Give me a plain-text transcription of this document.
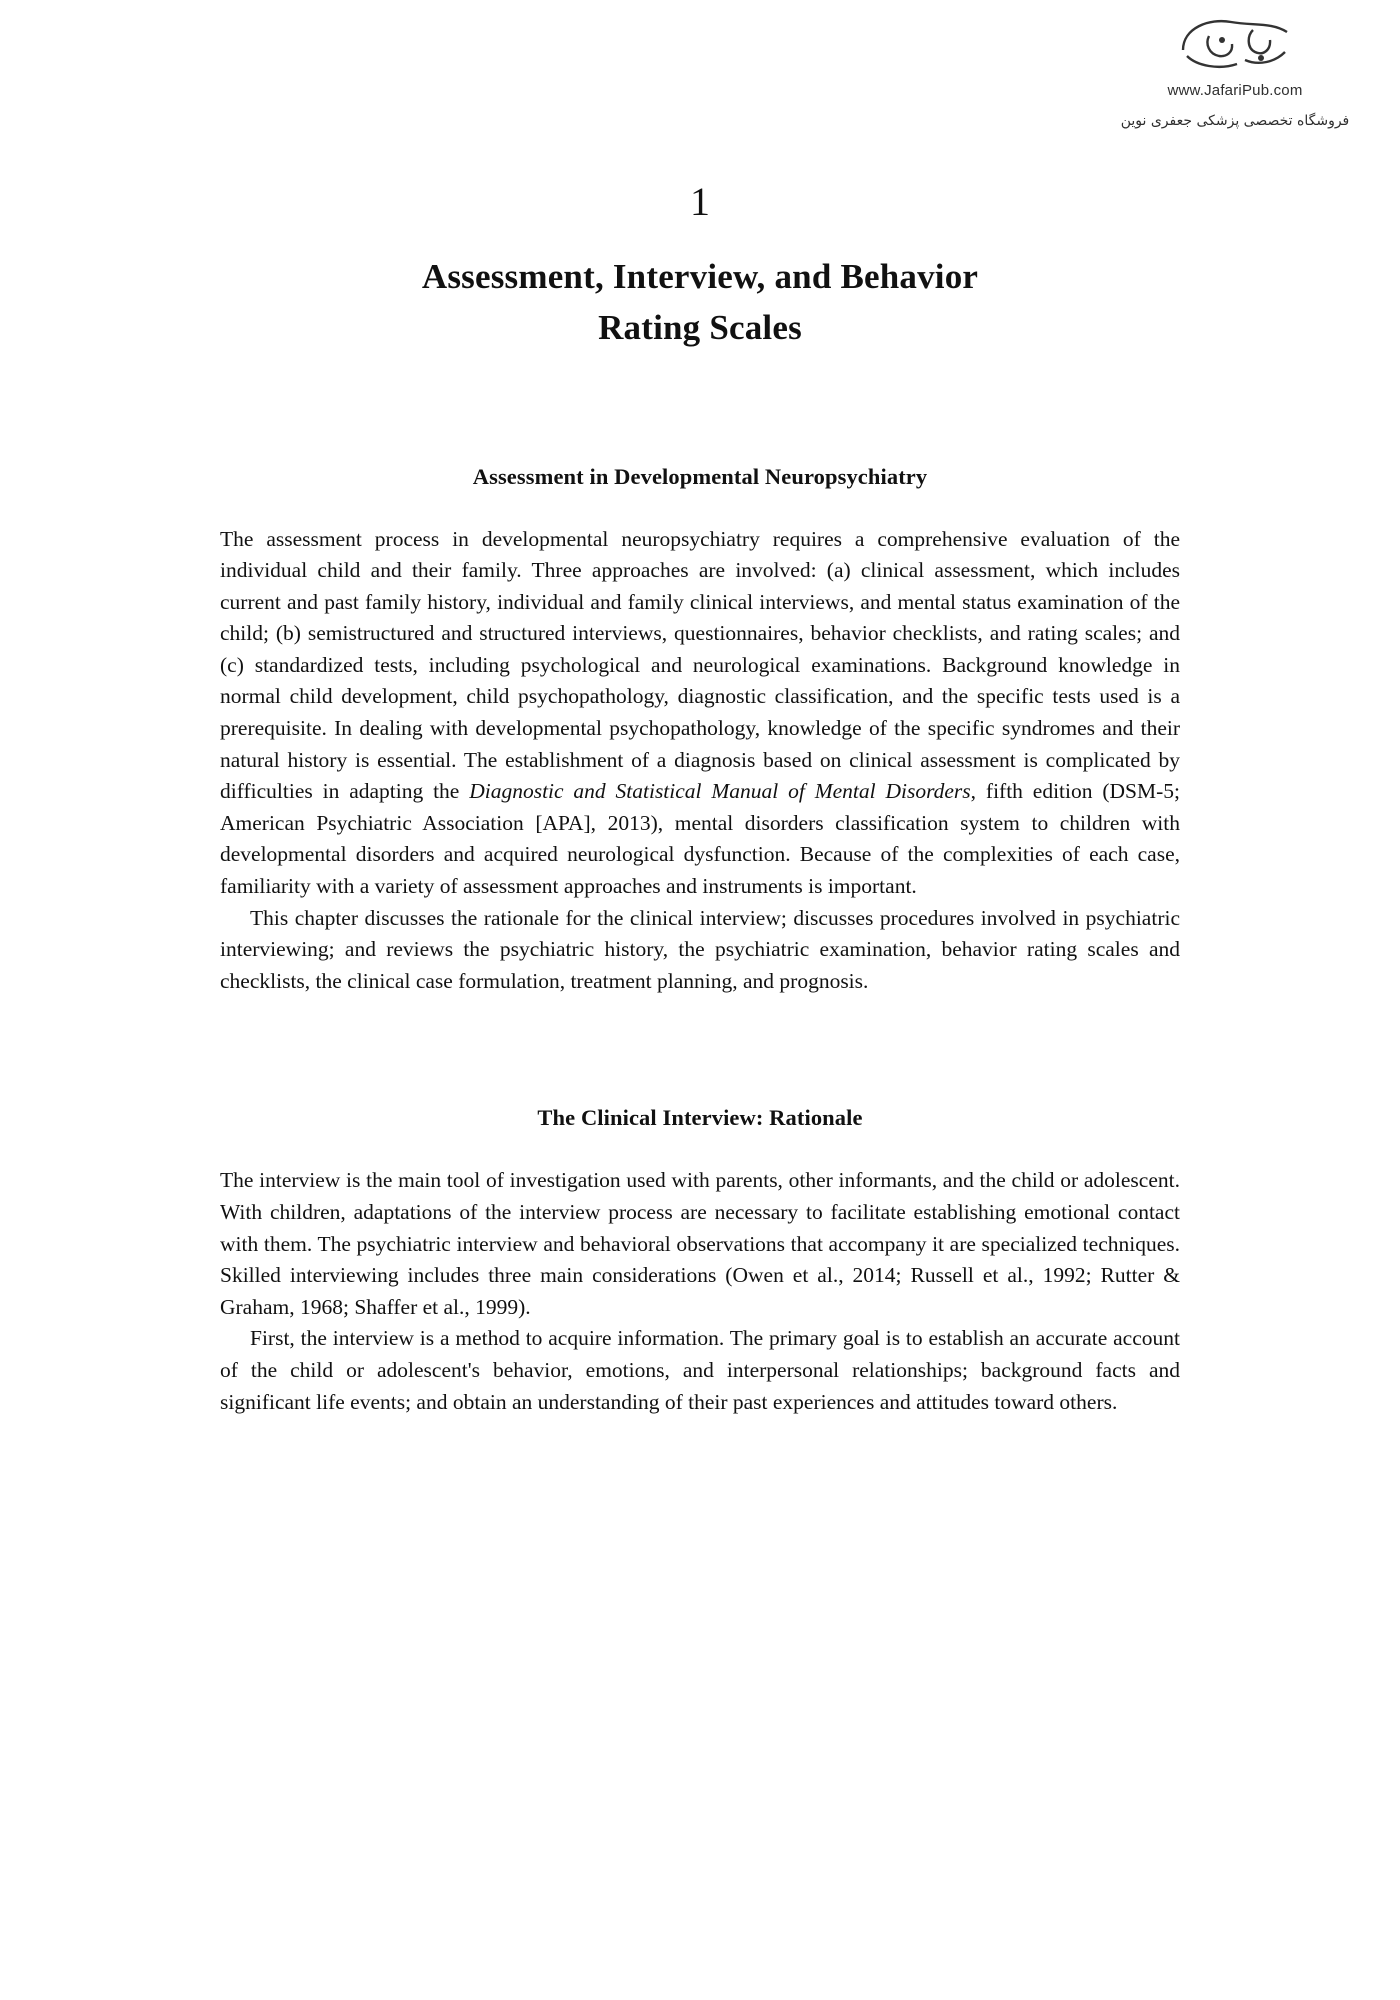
www.JafariPub.com
فروشگاه تخصصی پزشکی جعفری نوین
1
Assessment, Interview, and Behavior
Rating Scales
Assessment in Developmental Neuropsychiatry

The assessment process in developmental neuropsychiatry requires a comprehensive evaluation of the individual child and their family. Three approaches are involved: (a) clinical assessment, which includes current and past family history, individual and family clinical interviews, and mental status examination of the child; (b) semistructured and structured interviews, questionnaires, behavior checklists, and rating scales; and (c) standardized tests, including psychological and neurological examinations. Background knowledge in normal child development, child psychopathology, diagnostic classification, and the specific tests used is a prerequisite. In dealing with developmental psychopathology, knowledge of the specific syndromes and their natural history is essential. The establishment of a diagnosis based on clinical assessment is complicated by difficulties in adapting the Diagnostic and Statistical Manual of Mental Disorders, fifth edition (DSM-5; American Psychiatric Association [APA], 2013), mental disorders classification system to children with developmental disorders and acquired neurological dysfunction. Because of the complexities of each case, familiarity with a variety of assessment approaches and instruments is important.

This chapter discusses the rationale for the clinical interview; discusses procedures involved in psychiatric interviewing; and reviews the psychiatric history, the psychiatric examination, behavior rating scales and checklists, the clinical case formulation, treatment planning, and prognosis.

The Clinical Interview: Rationale

The interview is the main tool of investigation used with parents, other informants, and the child or adolescent. With children, adaptations of the interview process are necessary to facilitate establishing emotional contact with them. The psychiatric interview and behavioral observations that accompany it are specialized techniques. Skilled interviewing includes three main considerations (Owen et al., 2014; Russell et al., 1992; Rutter & Graham, 1968; Shaffer et al., 1999).

First, the interview is a method to acquire information. The primary goal is to establish an accurate account of the child or adolescent's behavior, emotions, and interpersonal relationships; background facts and significant life events; and obtain an understanding of their past experiences and attitudes toward others.
